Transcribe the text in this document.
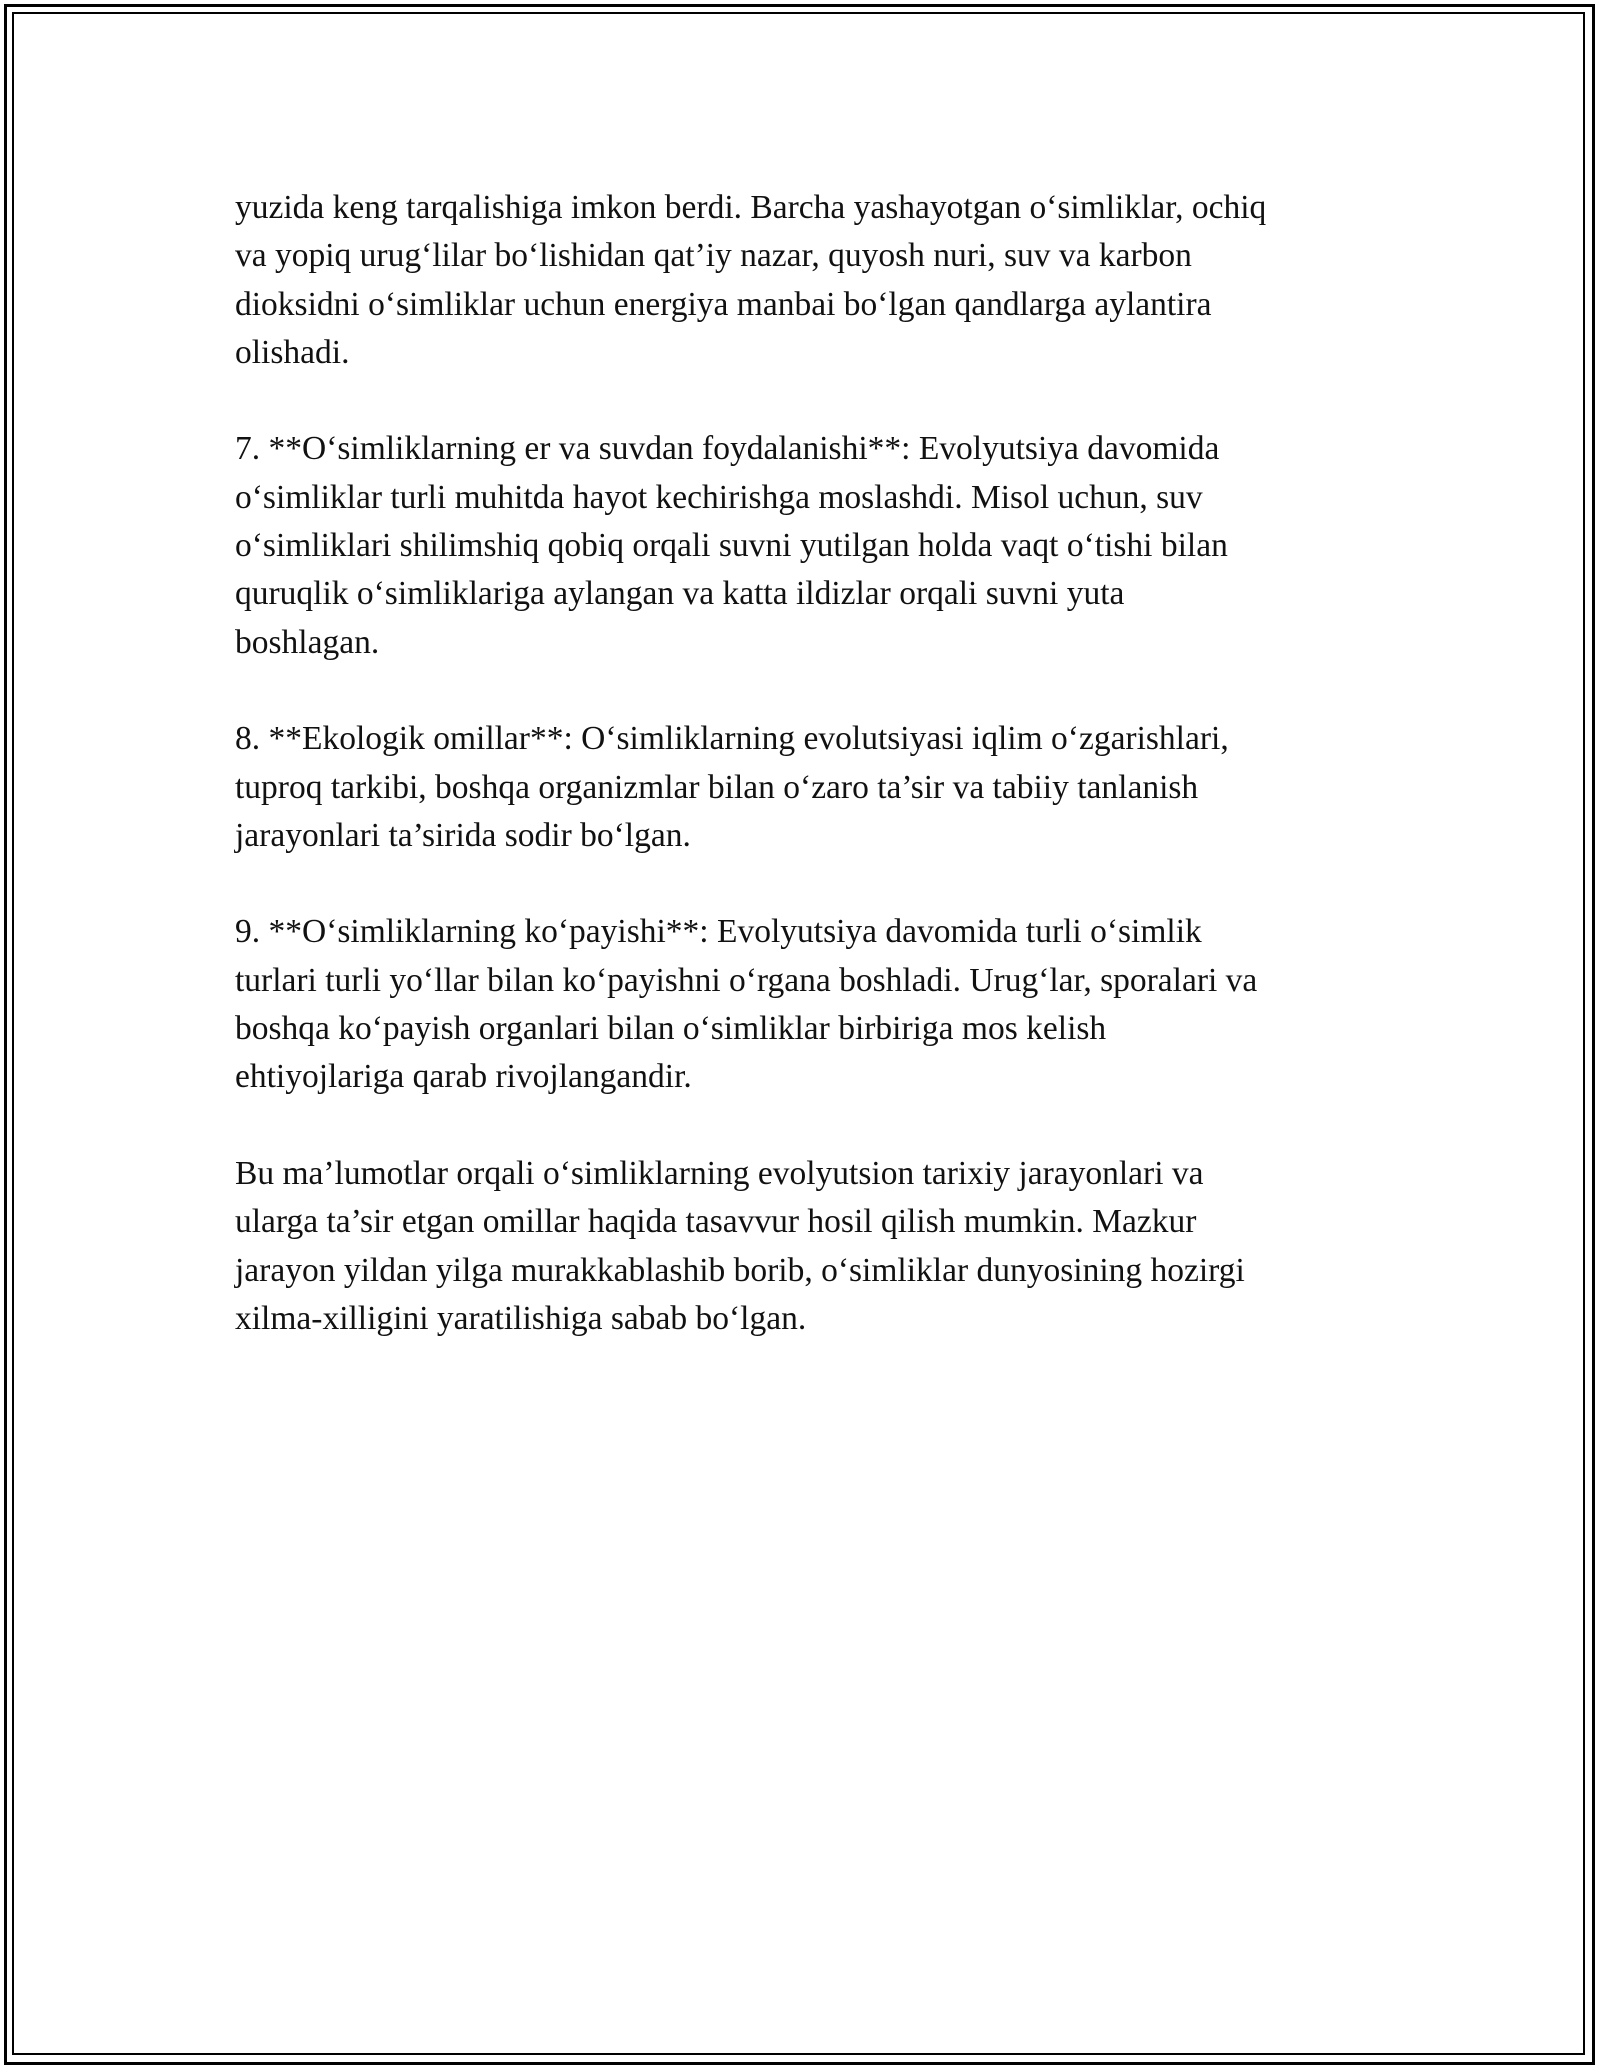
yuzida keng tarqalishiga imkon berdi. Barcha yashayotgan o‘simliklar, ochiq
va yopiq urug‘lilar bo‘lishidan qat’iy nazar, quyosh nuri, suv va karbon
dioksidni o‘simliklar uchun energiya manbai bo‘lgan qandlarga aylantira
olishadi.

7. **O‘simliklarning er va suvdan foydalanishi**: Evolyutsiya davomida
o‘simliklar turli muhitda hayot kechirishga moslashdi. Misol uchun, suv
o‘simliklari shilimshiq qobiq orqali suvni yutilgan holda vaqt o‘tishi bilan
quruqlik o‘simliklariga aylangan va katta ildizlar orqali suvni yuta
boshlagan.

8. **Ekologik omillar**: O‘simliklarning evolutsiyasi iqlim o‘zgarishlari,
tuproq tarkibi, boshqa organizmlar bilan o‘zaro ta’sir va tabiiy tanlanish
jarayonlari ta’sirida sodir bo‘lgan.

9. **O‘simliklarning ko‘payishi**: Evolyutsiya davomida turli o‘simlik
turlari turli yo‘llar bilan ko‘payishni o‘rgana boshladi. Urug‘lar, sporalari va
boshqa ko‘payish organlari bilan o‘simliklar birbiriga mos kelish
ehtiyojlariga qarab rivojlangandir.

Bu ma’lumotlar orqali o‘simliklarning evolyutsion tarixiy jarayonlari va
ularga ta’sir etgan omillar haqida tasavvur hosil qilish mumkin. Mazkur
jarayon yildan yilga murakkablashib borib, o‘simliklar dunyosining hozirgi
xilma-xilligini yaratilishiga sabab bo‘lgan.
